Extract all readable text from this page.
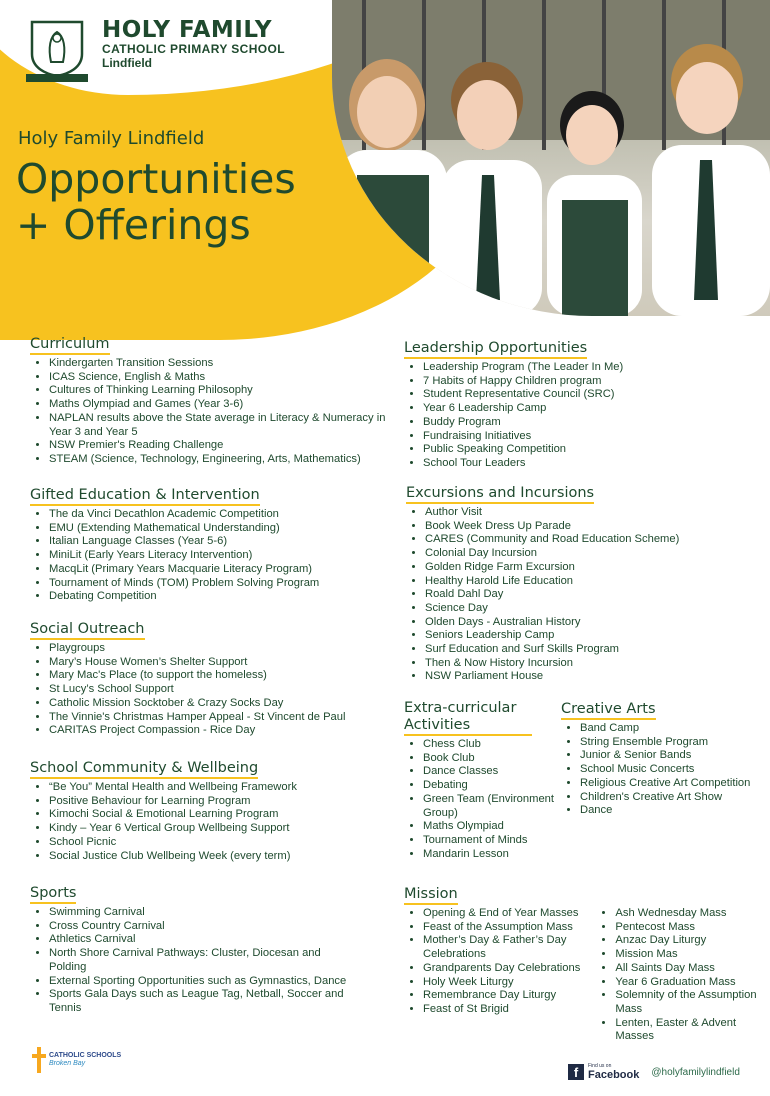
HOLY FAMILY
CATHOLIC PRIMARY SCHOOL
Lindfield
Holy Family Lindfield
Opportunities
+ Offerings
Curriculum
• Kindergarten Transition Sessions
• ICAS Science, English & Maths
• Cultures of Thinking Learning Philosophy
• Maths Olympiad and Games (Year 3-6)
• NAPLAN results above the State average in Literacy & Numeracy in Year 3 and Year 5
• NSW Premier's Reading Challenge
• STEAM (Science, Technology, Engineering, Arts, Mathematics)
Gifted Education & Intervention
• The da Vinci Decathlon Academic Competition
• EMU (Extending Mathematical Understanding)
• Italian Language Classes (Year 5-6)
• MiniLit (Early Years Literacy Intervention)
• MacqLit (Primary Years Macquarie Literacy Program)
• Tournament of Minds (TOM) Problem Solving Program
• Debating Competition
Social Outreach
• Playgroups
• Mary’s House Women’s Shelter Support
• Mary Mac's Place (to support the homeless)
• St Lucy’s School Support
• Catholic Mission Socktober & Crazy Socks Day
• The Vinnie's Christmas Hamper Appeal - St Vincent de Paul
• CARITAS Project Compassion - Rice Day
School Community & Wellbeing
• “Be You” Mental Health and Wellbeing Framework
• Positive Behaviour for Learning Program
• Kimochi Social & Emotional Learning Program
• Kindy – Year 6 Vertical Group Wellbeing Support
• School Picnic
• Social Justice Club Wellbeing Week (every term)
Sports
• Swimming Carnival
• Cross Country Carnival
• Athletics Carnival
• North Shore Carnival Pathways: Cluster, Diocesan and Polding
• External Sporting Opportunities such as Gymnastics, Dance
• Sports Gala Days such as League Tag, Netball, Soccer and Tennis
Leadership Opportunities
• Leadership Program (The Leader In Me)
• 7 Habits of Happy Children program
• Student Representative Council (SRC)
• Year 6 Leadership Camp
• Buddy Program
• Fundraising Initiatives
• Public Speaking Competition
• School Tour Leaders
Excursions and Incursions
• Author Visit
• Book Week Dress Up Parade
• CARES (Community and Road Education Scheme)
• Colonial Day Incursion
• Golden Ridge Farm Excursion
• Healthy Harold Life Education
• Roald Dahl Day
• Science Day
• Olden Days - Australian History
• Seniors Leadership Camp
• Surf Education and Surf Skills Program
• Then & Now History Incursion
• NSW Parliament House
Extra-curricular Activities
• Chess Club
• Book Club
• Dance Classes
• Debating
• Green Team (Environment Group)
• Maths Olympiad
• Tournament of Minds
• Mandarin Lesson
Creative Arts
• Band Camp
• String Ensemble Program
• Junior & Senior Bands
• School Music Concerts
• Religious Creative Art Competition
• Children's Creative Art Show
• Dance
Mission
• Opening & End of Year Masses
• Feast of the Assumption Mass
• Mother’s Day & Father’s Day Celebrations
• Grandparents Day Celebrations
• Holy Week Liturgy
• Remembrance Day Liturgy
• Feast of St Brigid
• Ash Wednesday Mass
• Pentecost Mass
• Anzac Day Liturgy
• Mission Mas
• All Saints Day Mass
• Year 6 Graduation Mass
• Solemnity of the Assumption Mass
• Lenten, Easter & Advent Masses
CATHOLIC SCHOOLS
Broken Bay
f	Find us on
Facebook @holyfamilylindfield
